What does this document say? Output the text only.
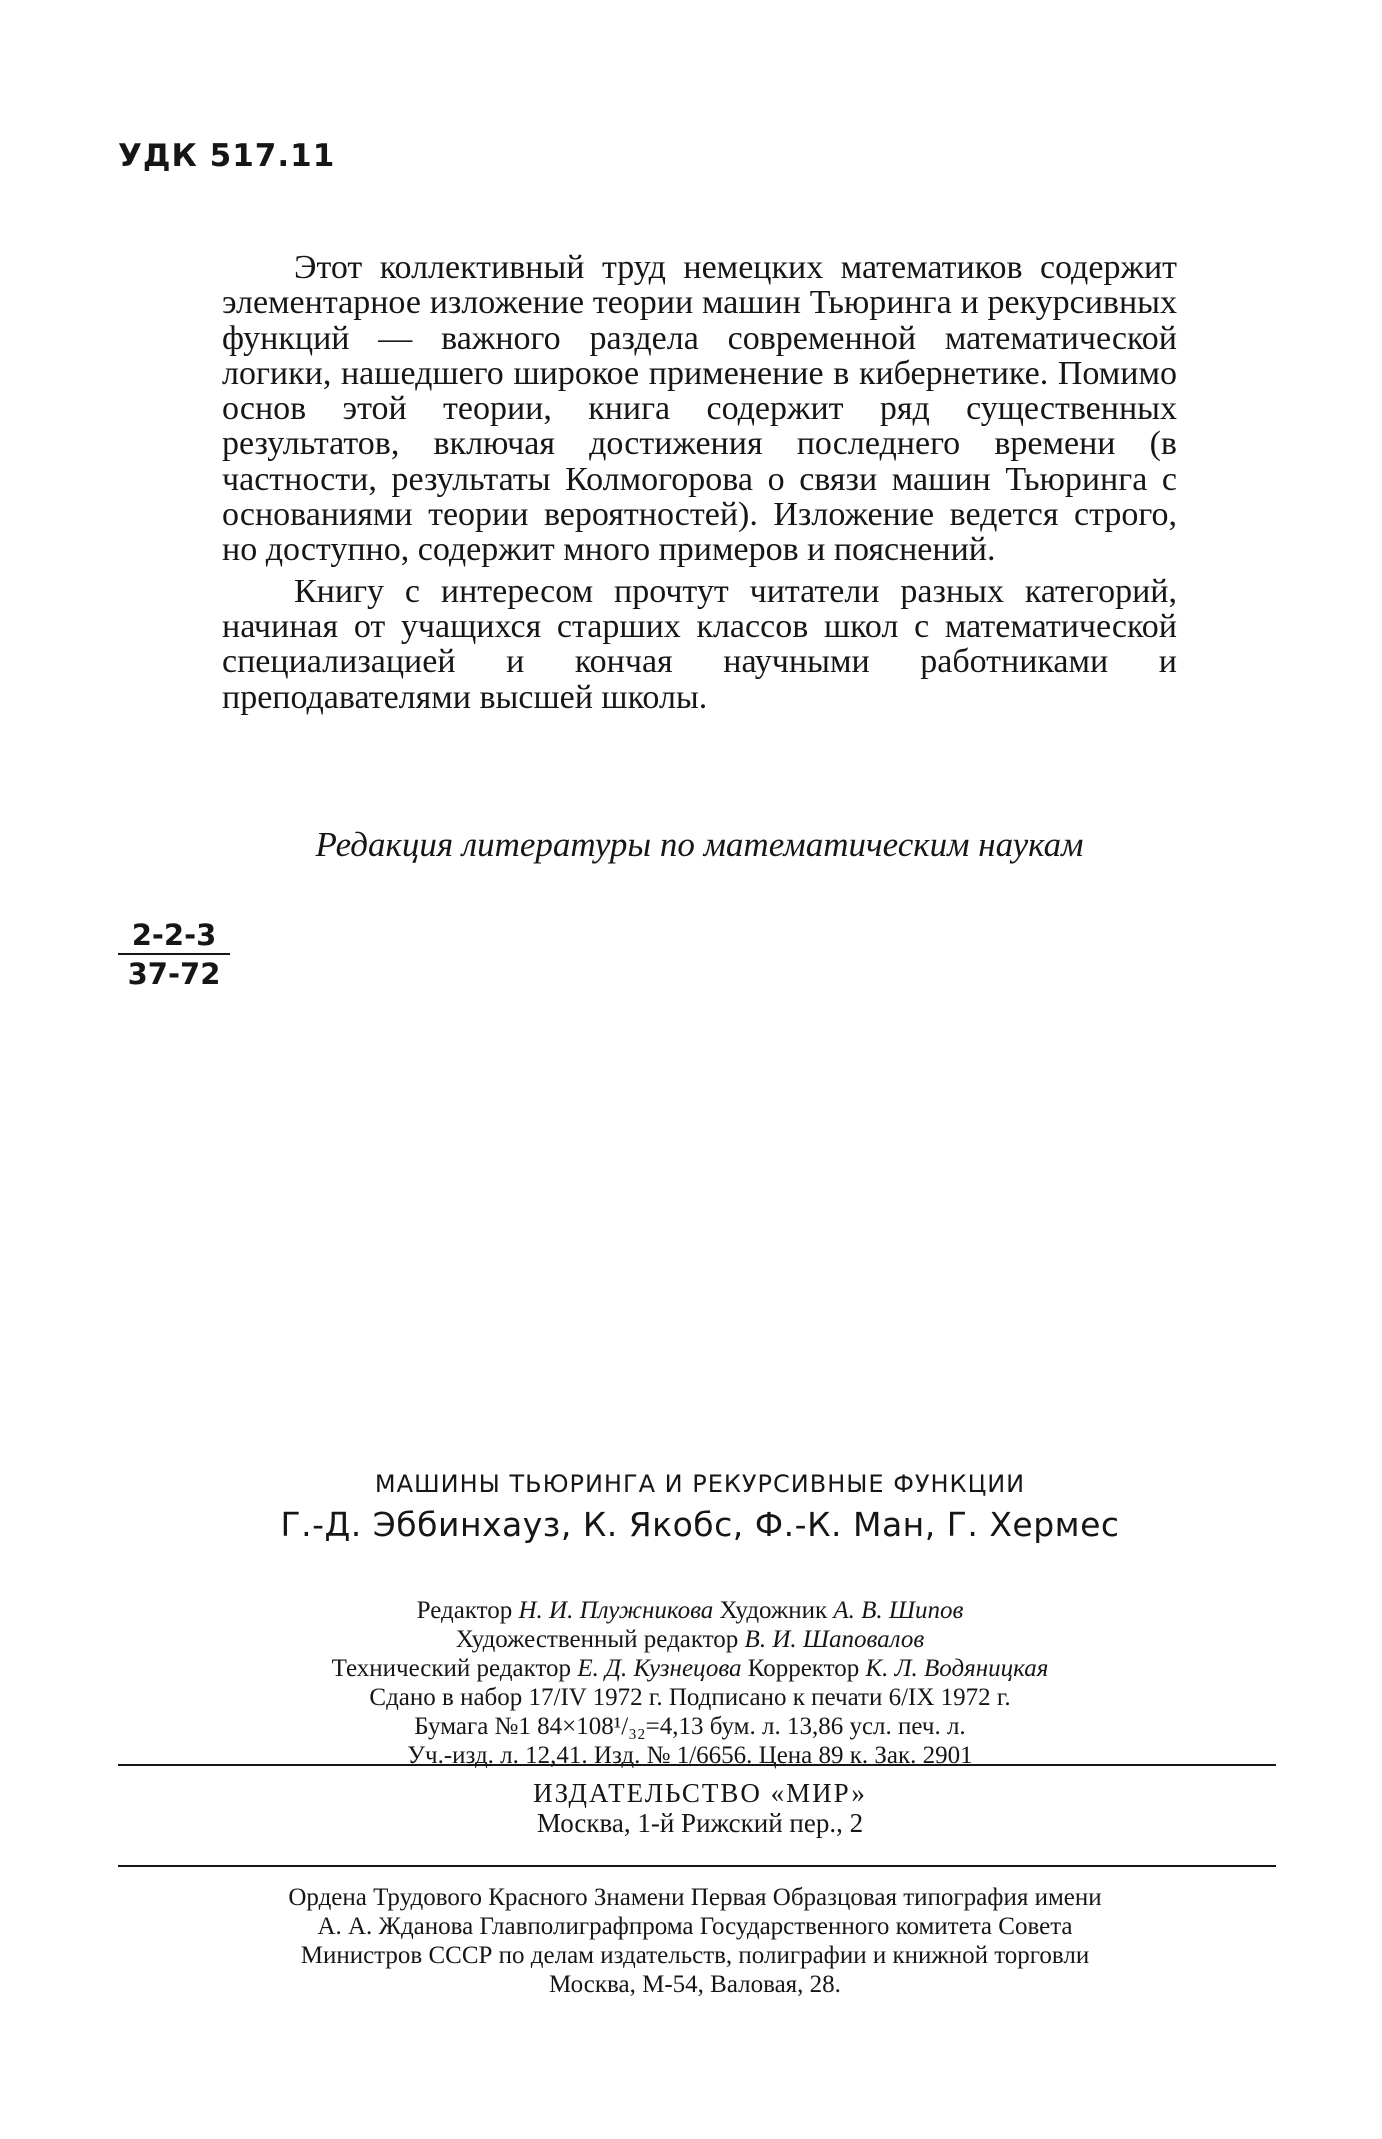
УДК 517.11

Этот коллективный труд немецких математиков содержит элементарное изложение теории машин Тьюринга и рекурсивных функций — важного раздела современной математической логики, нашедшего широкое применение в кибернетике. Помимо основ этой теории, книга содержит ряд существенных результатов, включая достижения последнего времени (в частности, результаты Колмогорова о связи машин Тьюринга с основаниями теории вероятностей). Изложение ведется строго, но доступно, содержит много примеров и пояснений.

Книгу с интересом прочтут читатели разных категорий, начиная от учащихся старших классов школ с математической специализацией и кончая научными работниками и преподавателями высшей школы.

Редакция литературы по математическим наукам
$\frac{2-2-3}{37-72}$
МАШИНЫ ТЬЮРИНГА И РЕКУРСИВНЫЕ ФУНКЦИИ
Г.-Д. Эббинхауз, К. Якобс, Ф.-К. Ман, Г. Хермес
Редактор Н. И. Плужникова Художник А. В. Шипов
Художественный редактор В. И. Шаповалов
Технический редактор Е. Д. Кузнецова Корректор К. Л. Водяницкая
Сдано в набор 17/IV 1972 г. Подписано к печати 6/IX 1972 г.
Бумага №1 84×108¹/₃₂=4,13 бум. л. 13,86 усл. печ. л.
Уч.-изд. л. 12,41. Изд. № 1/6656. Цена 89 к. Зак. 2901
ИЗДАТЕЛЬСТВО «МИР»
Москва, 1-й Рижский пер., 2
Ордена Трудового Красного Знамени Первая Образцовая типография имени
А. А. Жданова Главполиграфпрома Государственного комитета Совета
Министров СССР по делам издательств, полиграфии и книжной торговли
Москва, М-54, Валовая, 28.
